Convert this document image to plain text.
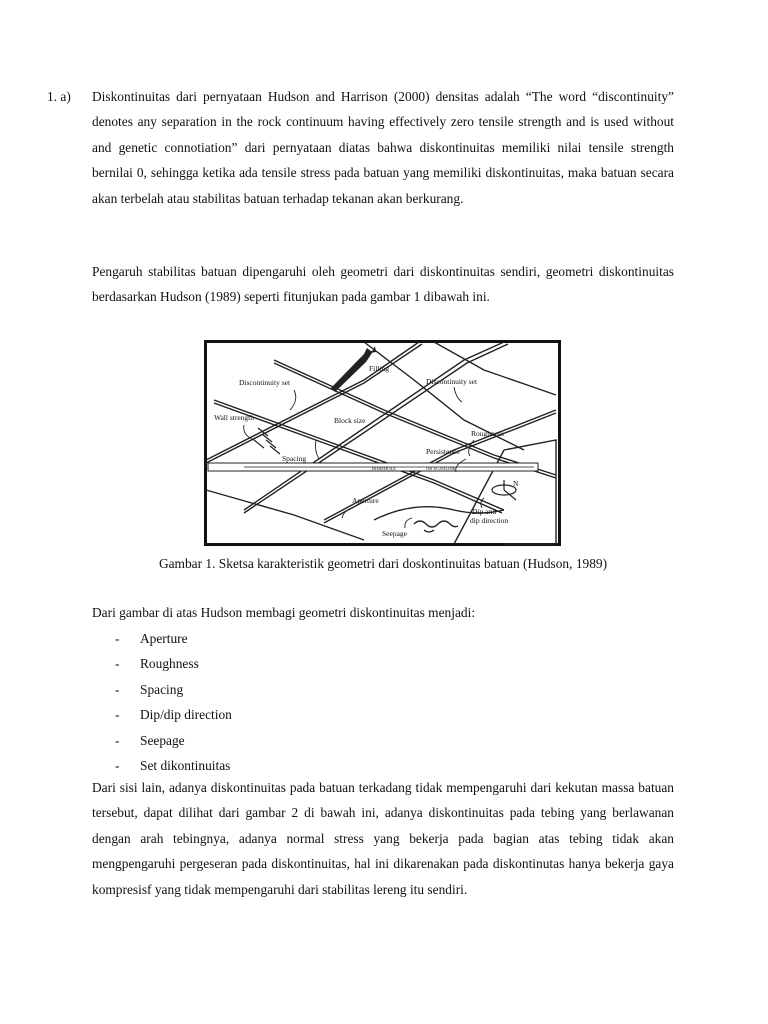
1. a) Diskontinuitas dari pernyataan Hudson and Harrison (2000) densitas adalah “The word “discontinuity” denotes any separation in the rock continuum having effectively zero tensile strength and is used without and genetic connotiation” dari pernyataan diatas bahwa diskontinuitas memiliki nilai tensile strength bernilai 0, sehingga ketika ada tensile stress pada batuan yang memiliki diskontinuitas, maka batuan secara akan terbelah atau stabilitas batuan terhadap tekanan akan berkurang.
Pengaruh stabilitas batuan dipengaruhi oleh geometri dari diskontinuitas sendiri, geometri diskontinuitas berdasarkan Hudson (1989) seperti fitunjukan pada gambar 1 dibawah ini.
Filling
Discontinuity set	Discontinuity set
Wall strength	Block size
Roughness
Persistence
Spacing
BOREHOLE	OR SCANLINE
Aperture
N
Dip and
dip direction
Seepage
Gambar 1. Sketsa karakteristik geometri dari doskontinuitas batuan (Hudson, 1989)
Dari gambar di atas Hudson membagi geometri diskontinuitas menjadi:
- Aperture
- Roughness
- Spacing
- Dip/dip direction
- Seepage
- Set dikontinuitas
Dari sisi lain, adanya diskontinuitas pada batuan terkadang tidak mempengaruhi dari kekutan massa batuan tersebut, dapat dilihat dari gambar 2 di bawah ini, adanya diskontinuitas pada tebing yang berlawanan dengan arah tebingnya, adanya normal stress yang bekerja pada bagian atas tebing tidak akan mengpengaruhi pergeseran pada diskontinuitas, hal ini dikarenakan pada diskontinutas hanya bekerja gaya kompresisf yang tidak mempengaruhi dari stabilitas lereng itu sendiri.
